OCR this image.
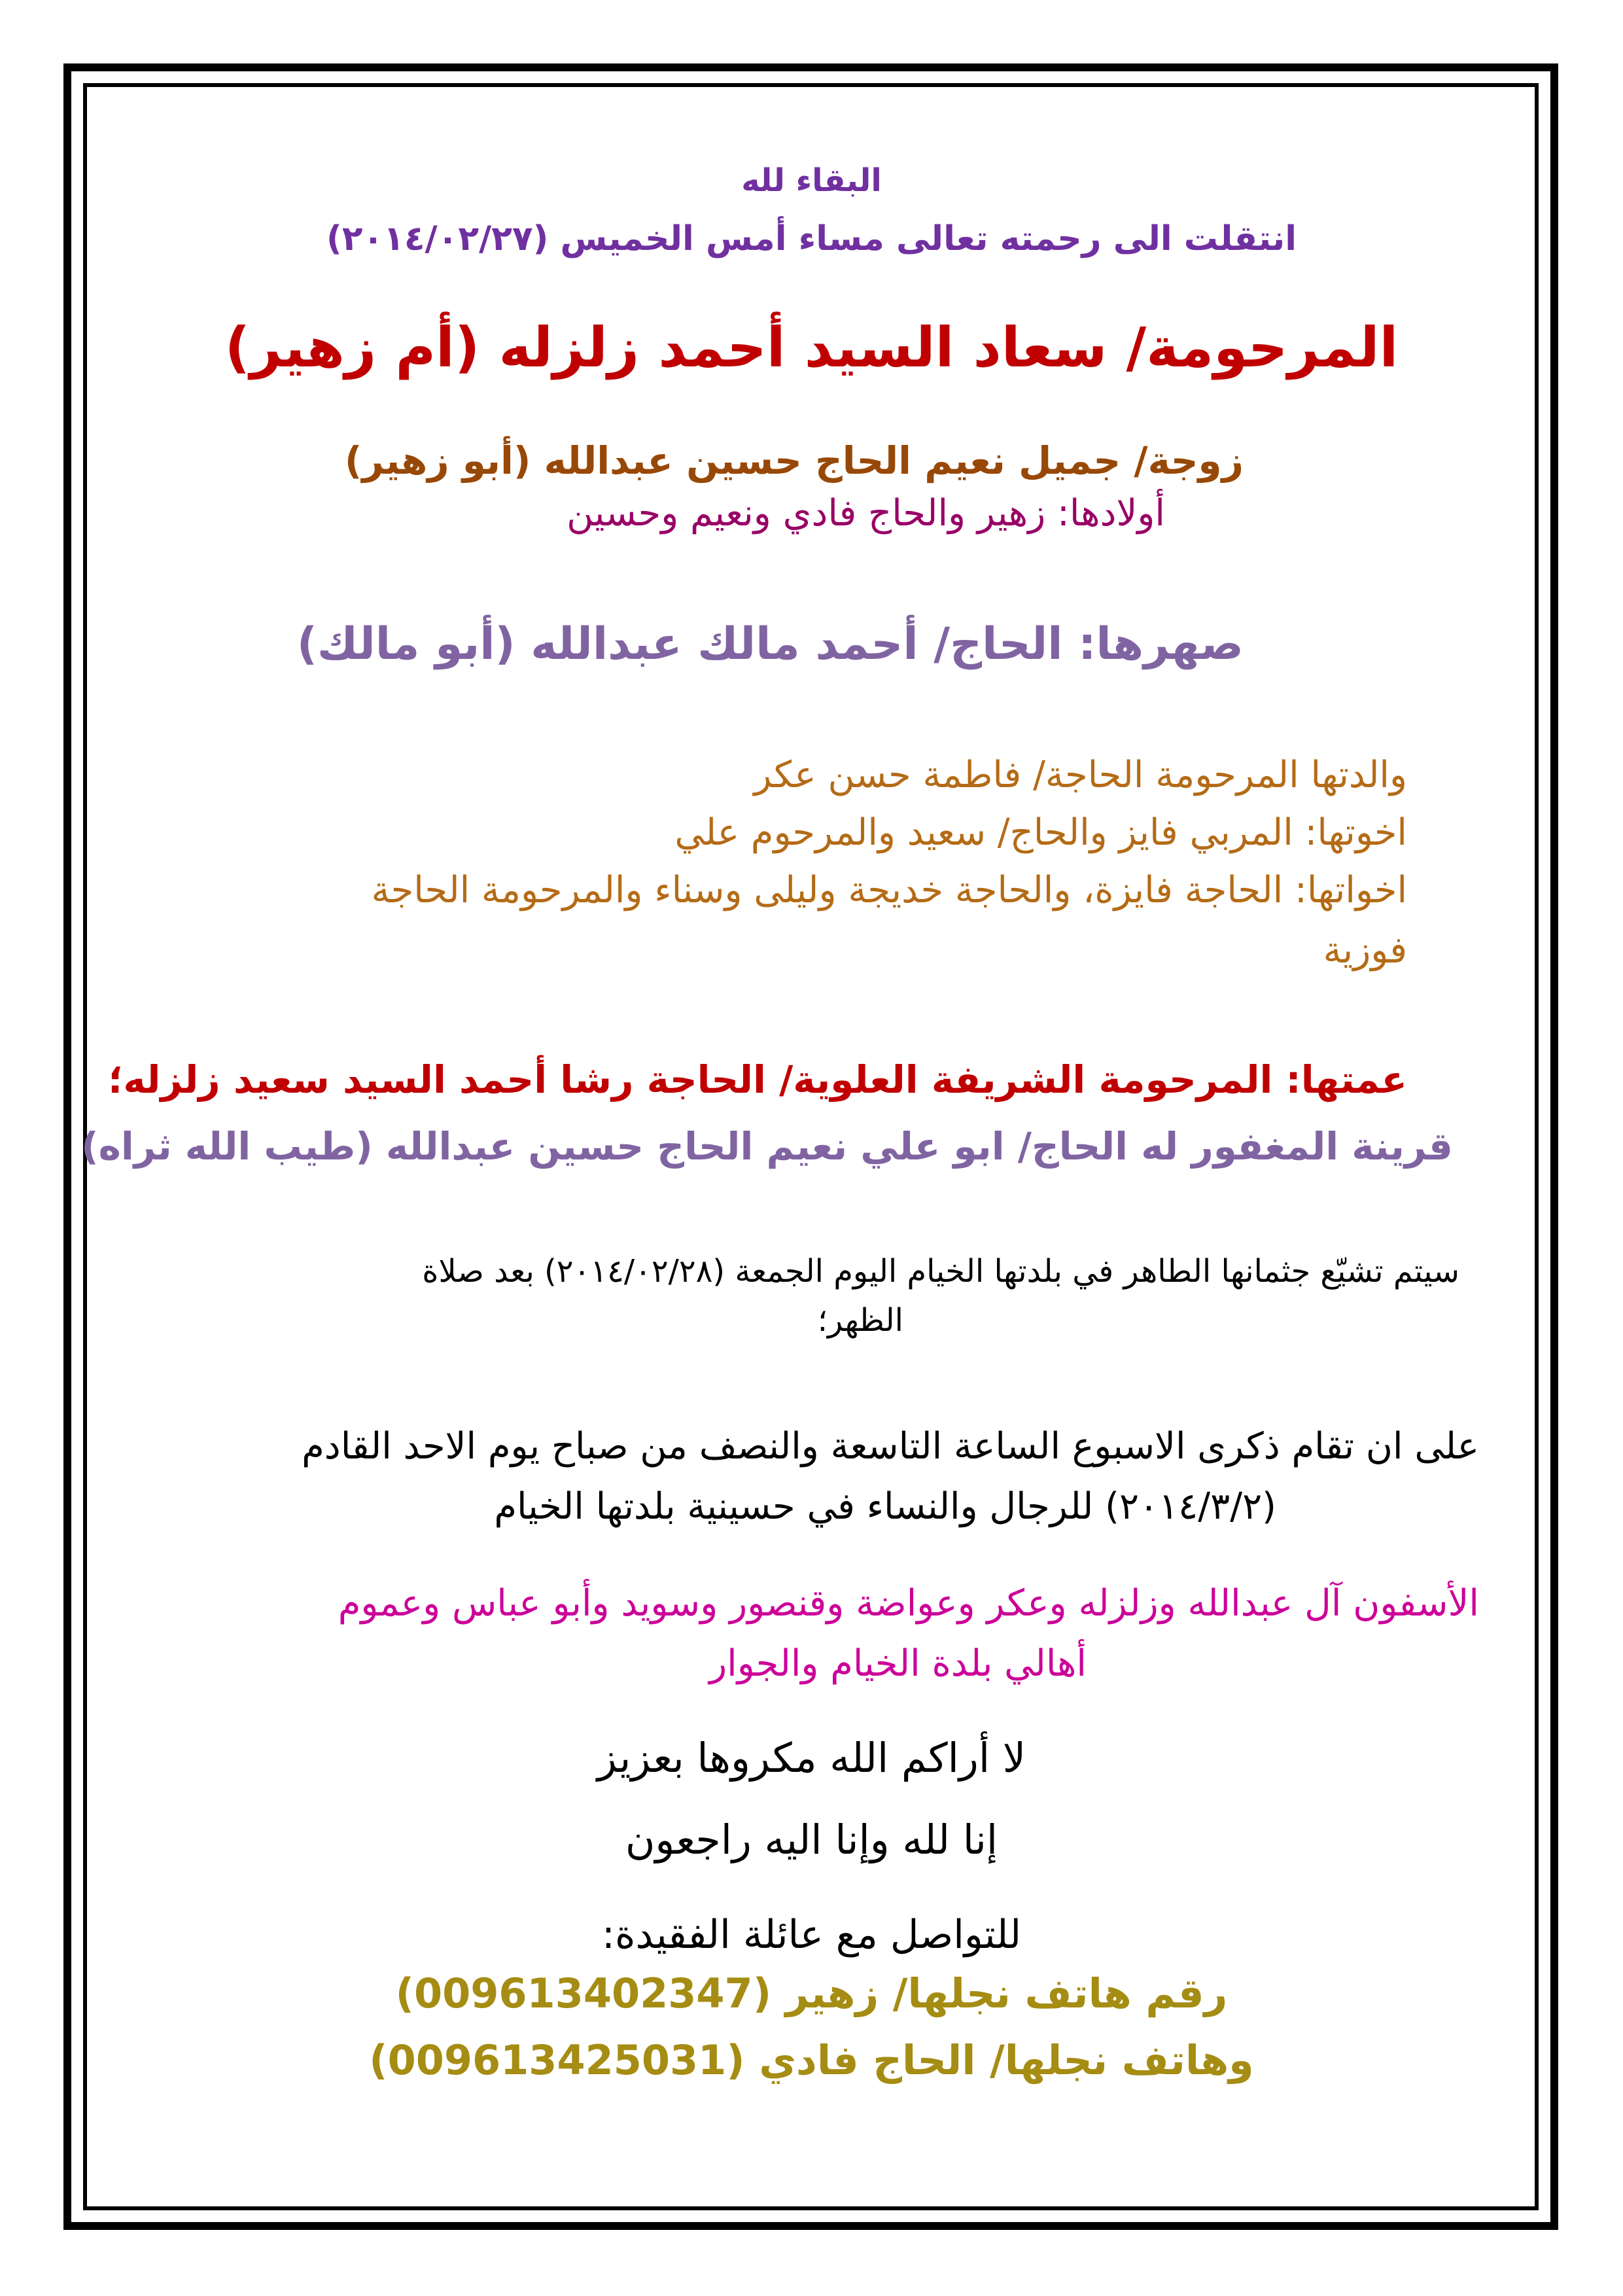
البقاء لله

انتقلت الى رحمته تعالى مساء أمس الخميس (٢٠١٤/٠٢/٢٧)

المرحومة/ سعاد السيد أحمد زلزله (أم زهير)

زوجة/ جميل نعيم الحاج حسين عبدالله (أبو زهير)

أولادها: زهير والحاج فادي ونعيم وحسين

صهرها: الحاج/ أحمد مالك عبدالله (أبو مالك)

والدتها المرحومة الحاجة/ فاطمة حسن عكر

اخوتها: المربي فايز والحاج/ سعيد والمرحوم علي

اخواتها: الحاجة فايزة، والحاجة خديجة وليلى وسناء والمرحومة الحاجة

فوزية

عمتها: المرحومة الشريفة العلوية/ الحاجة رشا أحمد السيد سعيد زلزله؛

قرينة المغفور له الحاج/ ابو علي نعيم الحاج حسين عبدالله (طيب الله ثراه)

سيتم تشيّع جثمانها الطاهر في بلدتها الخيام اليوم الجمعة (٢٠١٤/٠٢/٢٨) بعد صلاة

الظهر؛

على ان تقام ذكرى الاسبوع الساعة التاسعة والنصف من صباح يوم الاحد القادم

(٢٠١٤/٣/٢) للرجال والنساء في حسينية بلدتها الخيام

الأسفون آل عبدالله وزلزله وعكر وعواضة وقنصور وسويد وأبو عباس وعموم

أهالي بلدة الخيام والجوار

لا أراكم الله مكروها بعزيز

إنا لله وإنا اليه راجعون

للتواصل مع عائلة الفقيدة:

رقم هاتف نجلها/ زهير (009613402347)

وهاتف نجلها/ الحاج فادي (009613425031)
